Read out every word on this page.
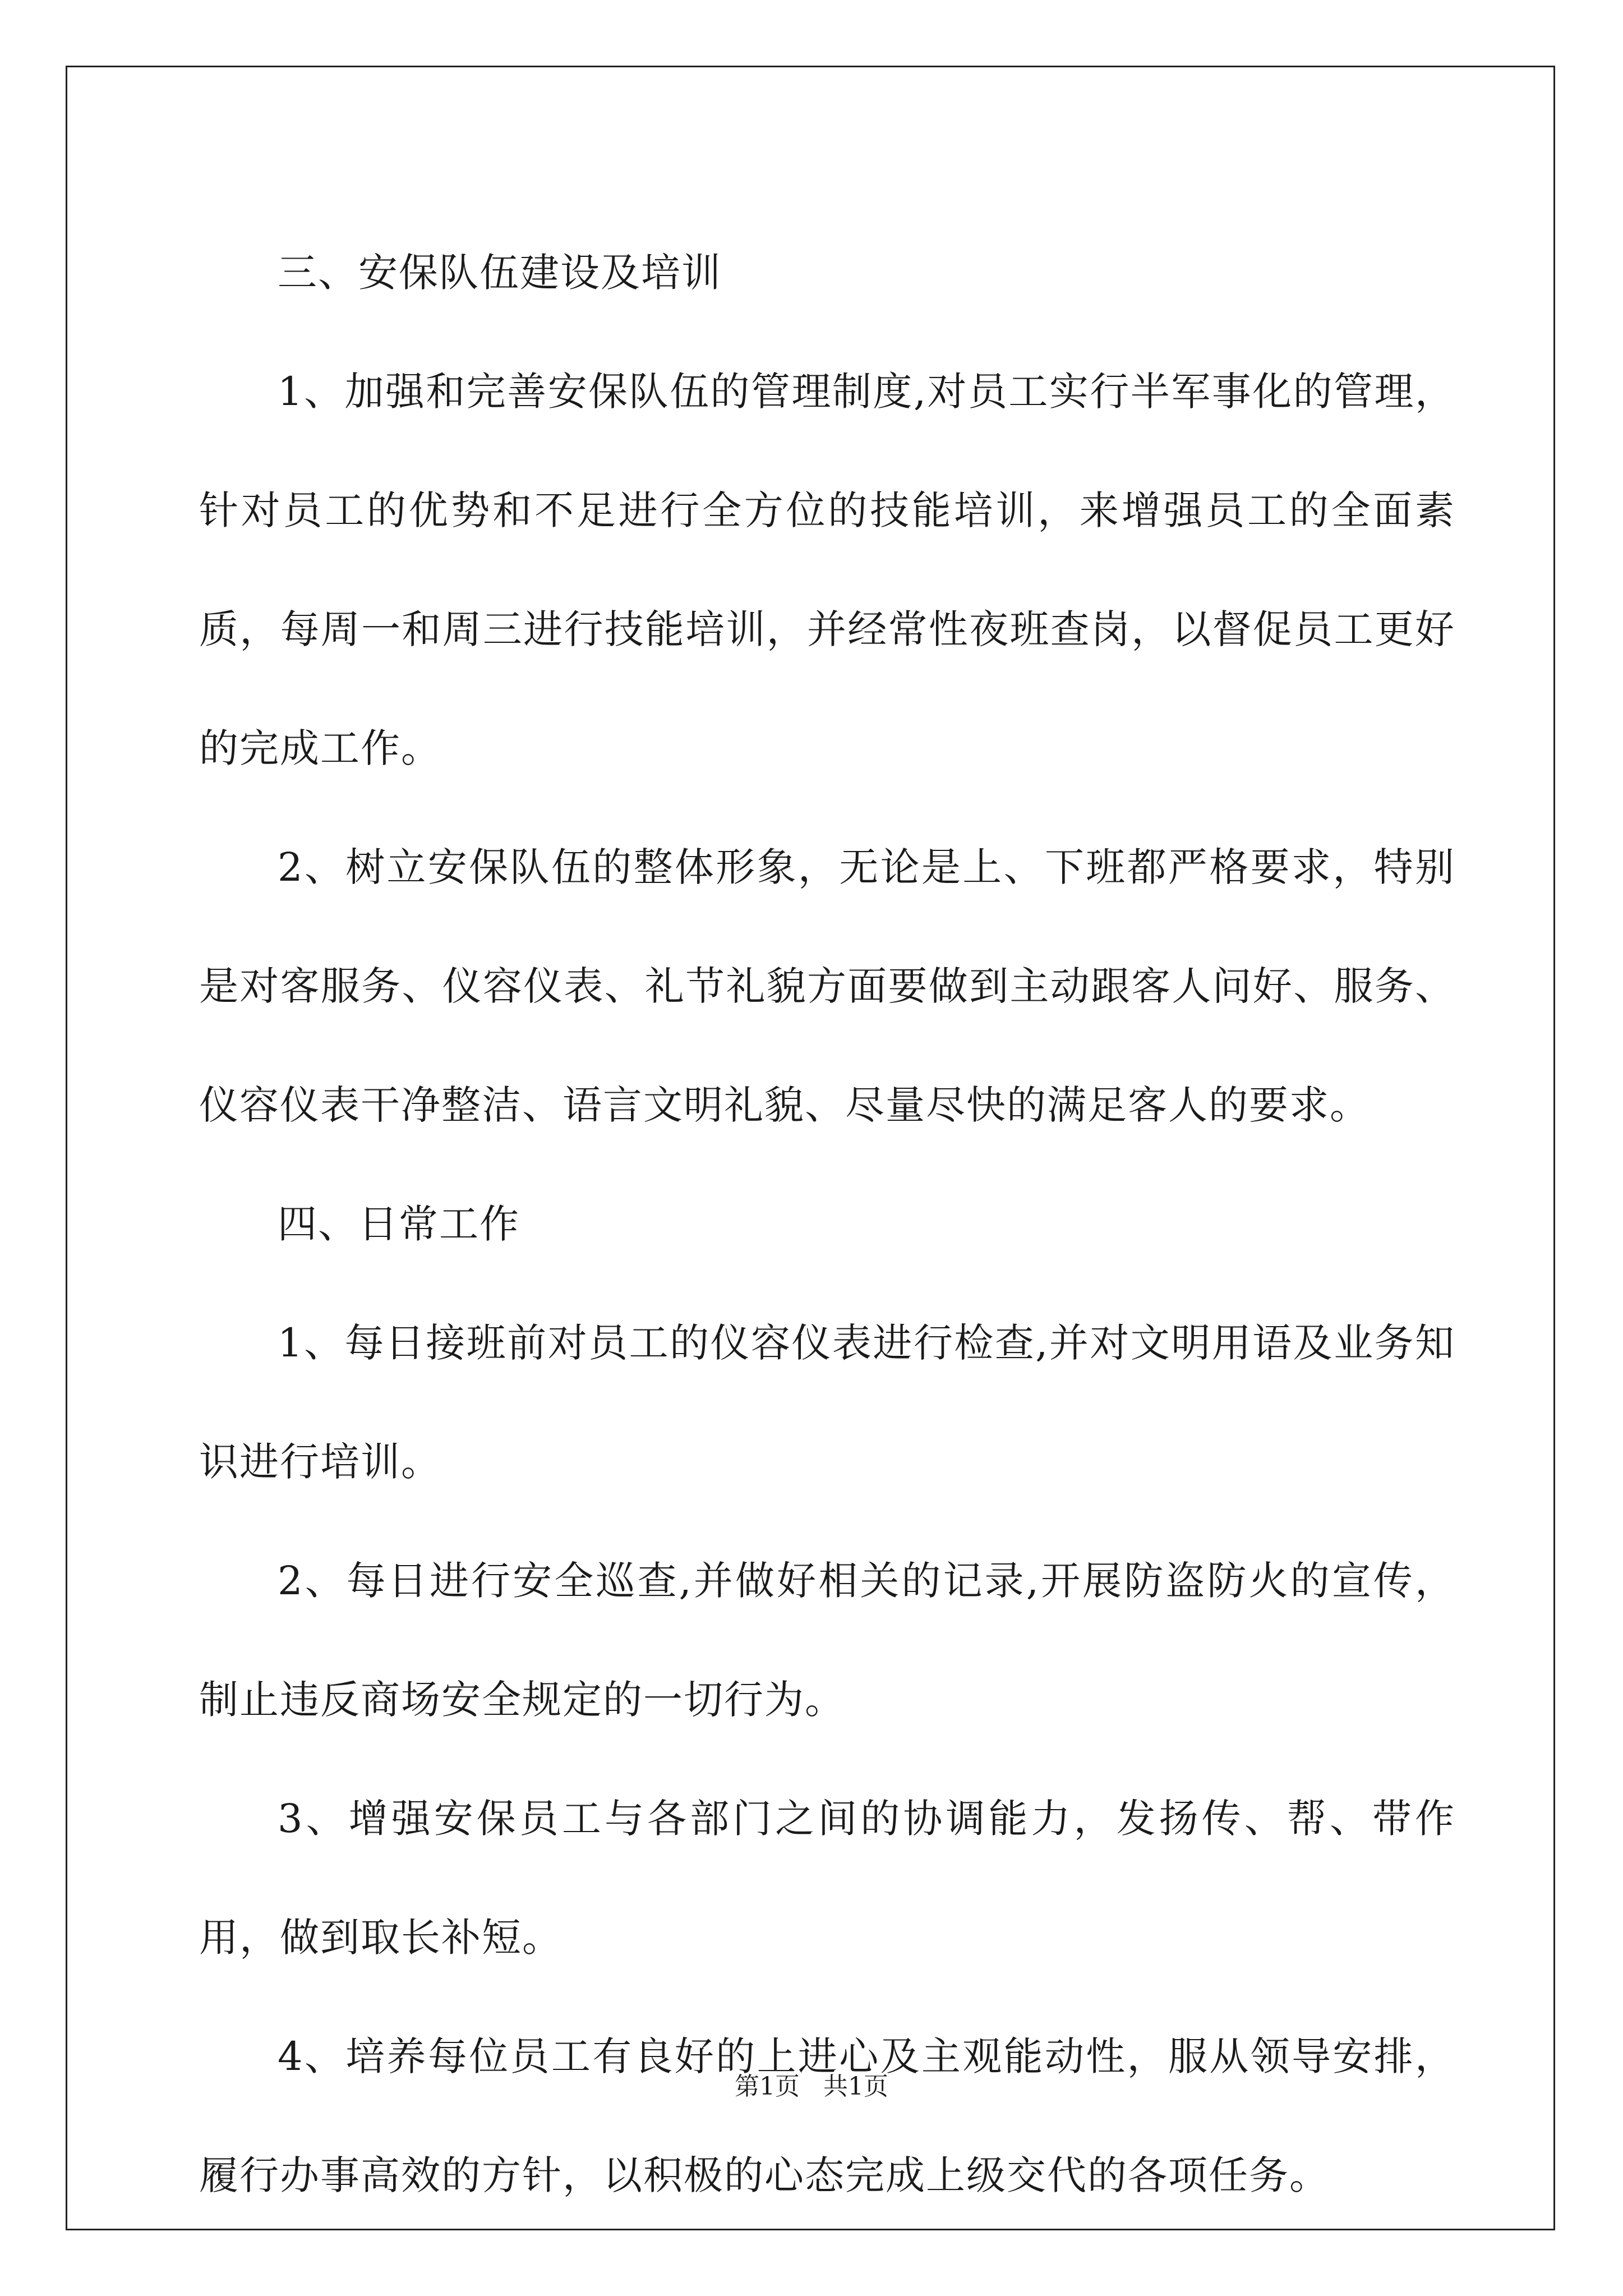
三、安保队伍建设及培训

1、加强和完善安保队伍的管理制度,对员工实行半军事化的管理，针对员工的优势和不足进行全方位的技能培训，来增强员工的全面素质，每周一和周三进行技能培训，并经常性夜班查岗，以督促员工更好的完成工作。

2、树立安保队伍的整体形象，无论是上、下班都严格要求，特别是对客服务、仪容仪表、礼节礼貌方面要做到主动跟客人问好、服务、仪容仪表干净整洁、语言文明礼貌、尽量尽快的满足客人的要求。

四、日常工作

1、每日接班前对员工的仪容仪表进行检查,并对文明用语及业务知识进行培训。

2、每日进行安全巡查,并做好相关的记录,开展防盗防火的宣传，制止违反商场安全规定的一切行为。

3、增强安保员工与各部门之间的协调能力，发扬传、帮、带作用，做到取长补短。

4、培养每位员工有良好的上进心及主观能动性，服从领导安排，履行办事高效的方针，以积极的心态完成上级交代的各项任务。

第1页   共1页
